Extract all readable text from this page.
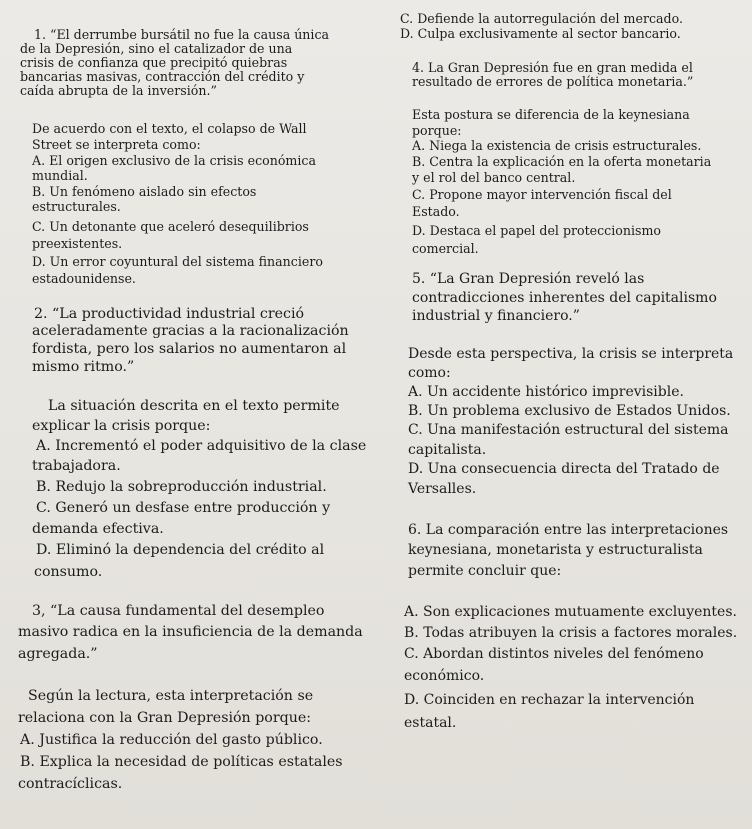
1. “El derrumbe bursátil no fue la causa única
de la Depresión, sino el catalizador de una
crisis de confianza que precipitó quiebras
bancarias masivas, contracción del crédito y
caída abrupta de la inversión.”
De acuerdo con el texto, el colapso de Wall
Street se interpreta como:
A. El origen exclusivo de la crisis económica
mundial.
B. Un fenómeno aislado sin efectos
estructurales.
C. Un detonante que aceleró desequilibrios
preexistentes.
D. Un error coyuntural del sistema financiero
estadounidense.
2. “La productividad industrial creció
aceleradamente gracias a la racionalización
fordista, pero los salarios no aumentaron al
mismo ritmo.”
La situación descrita en el texto permite
explicar la crisis porque:
A. Incrementó el poder adquisitivo de la clase
trabajadora.
B. Redujo la sobreproducción industrial.
C. Generó un desfase entre producción y
demanda efectiva.
D. Eliminó la dependencia del crédito al
consumo.
3, “La causa fundamental del desempleo
masivo radica en la insuficiencia de la demanda
agregada.”
Según la lectura, esta interpretación se
relaciona con la Gran Depresión porque:
A. Justifica la reducción del gasto público.
B. Explica la necesidad de políticas estatales
contracíclicas.
C. Defiende la autorregulación del mercado.
D. Culpa exclusivamente al sector bancario.
4. La Gran Depresión fue en gran medida el
resultado de errores de política monetaria.”
Esta postura se diferencia de la keynesiana
porque:
A. Niega la existencia de crisis estructurales.
B. Centra la explicación en la oferta monetaria
y el rol del banco central.
C. Propone mayor intervención fiscal del
Estado.
D. Destaca el papel del proteccionismo
comercial.
5. “La Gran Depresión reveló las
contradicciones inherentes del capitalismo
industrial y financiero.”
Desde esta perspectiva, la crisis se interpreta
como:
A. Un accidente histórico imprevisible.
B. Un problema exclusivo de Estados Unidos.
C. Una manifestación estructural del sistema
capitalista.
D. Una consecuencia directa del Tratado de
Versalles.
6. La comparación entre las interpretaciones
keynesiana, monetarista y estructuralista
permite concluir que:
A. Son explicaciones mutuamente excluyentes.
B. Todas atribuyen la crisis a factores morales.
C. Abordan distintos niveles del fenómeno
económico.
D. Coinciden en rechazar la intervención
estatal.
